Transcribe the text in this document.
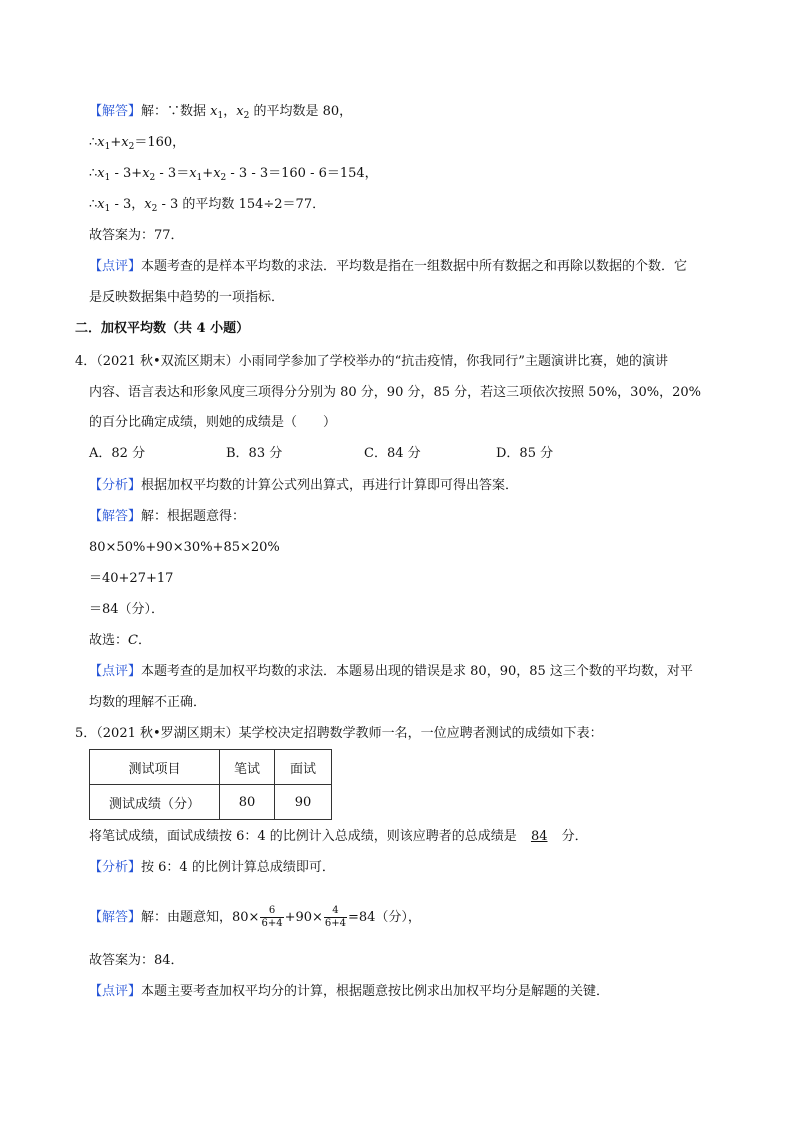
【解答】解：∵数据 $x_1$，$x_2$ 的平均数是 80，
$\therefore x_1+x_2=160$，
$\therefore x_1 - 3+x_2 - 3=x_1+x_2 - 3 - 3=160 - 6=154$，
$\therefore x_1 - 3$，$x_2 - 3$ 的平均数 154÷2＝77．
故答案为：77．
【点评】本题考查的是样本平均数的求法．平均数是指在一组数据中所有数据之和再除以数据的个数．它
是反映数据集中趋势的一项指标．
二．加权平均数（共 4 小题）
4．（2021 秋•双流区期末）小雨同学参加了学校举办的“抗击疫情，你我同行”主题演讲比赛，她的演讲
内容、语言表达和形象风度三项得分分别为 80 分，90 分，85 分，若这三项依次按照 50%，30%，20%
的百分比确定成绩，则她的成绩是（　　）
A．82 分	B．83 分	C．84 分	D．85 分
【分析】根据加权平均数的计算公式列出算式，再进行计算即可得出答案．
【解答】解：根据题意得：
80×50%+90×30%+85×20%
＝40+27+17
＝84（分）．
故选：C．
【点评】本题考查的是加权平均数的求法．本题易出现的错误是求 80，90，85 这三个数的平均数，对平
均数的理解不正确．
5．（2021 秋•罗湖区期末）某学校决定招聘数学教师一名，一位应聘者测试的成绩如下表：
测试项目	笔试	面试
测试成绩（分）	80	90
将笔试成绩，面试成绩按 6：4 的比例计入总成绩，则该应聘者的总成绩是 84 分．
【分析】按 6：4 的比例计算总成绩即可．
【解答】解：由题意知，$80\times \frac{6}{6+4} +90\times \frac{4}{6+4} =84$（分），
故答案为：84．
【点评】本题主要考查加权平均分的计算，根据题意按比例求出加权平均分是解题的关键．
